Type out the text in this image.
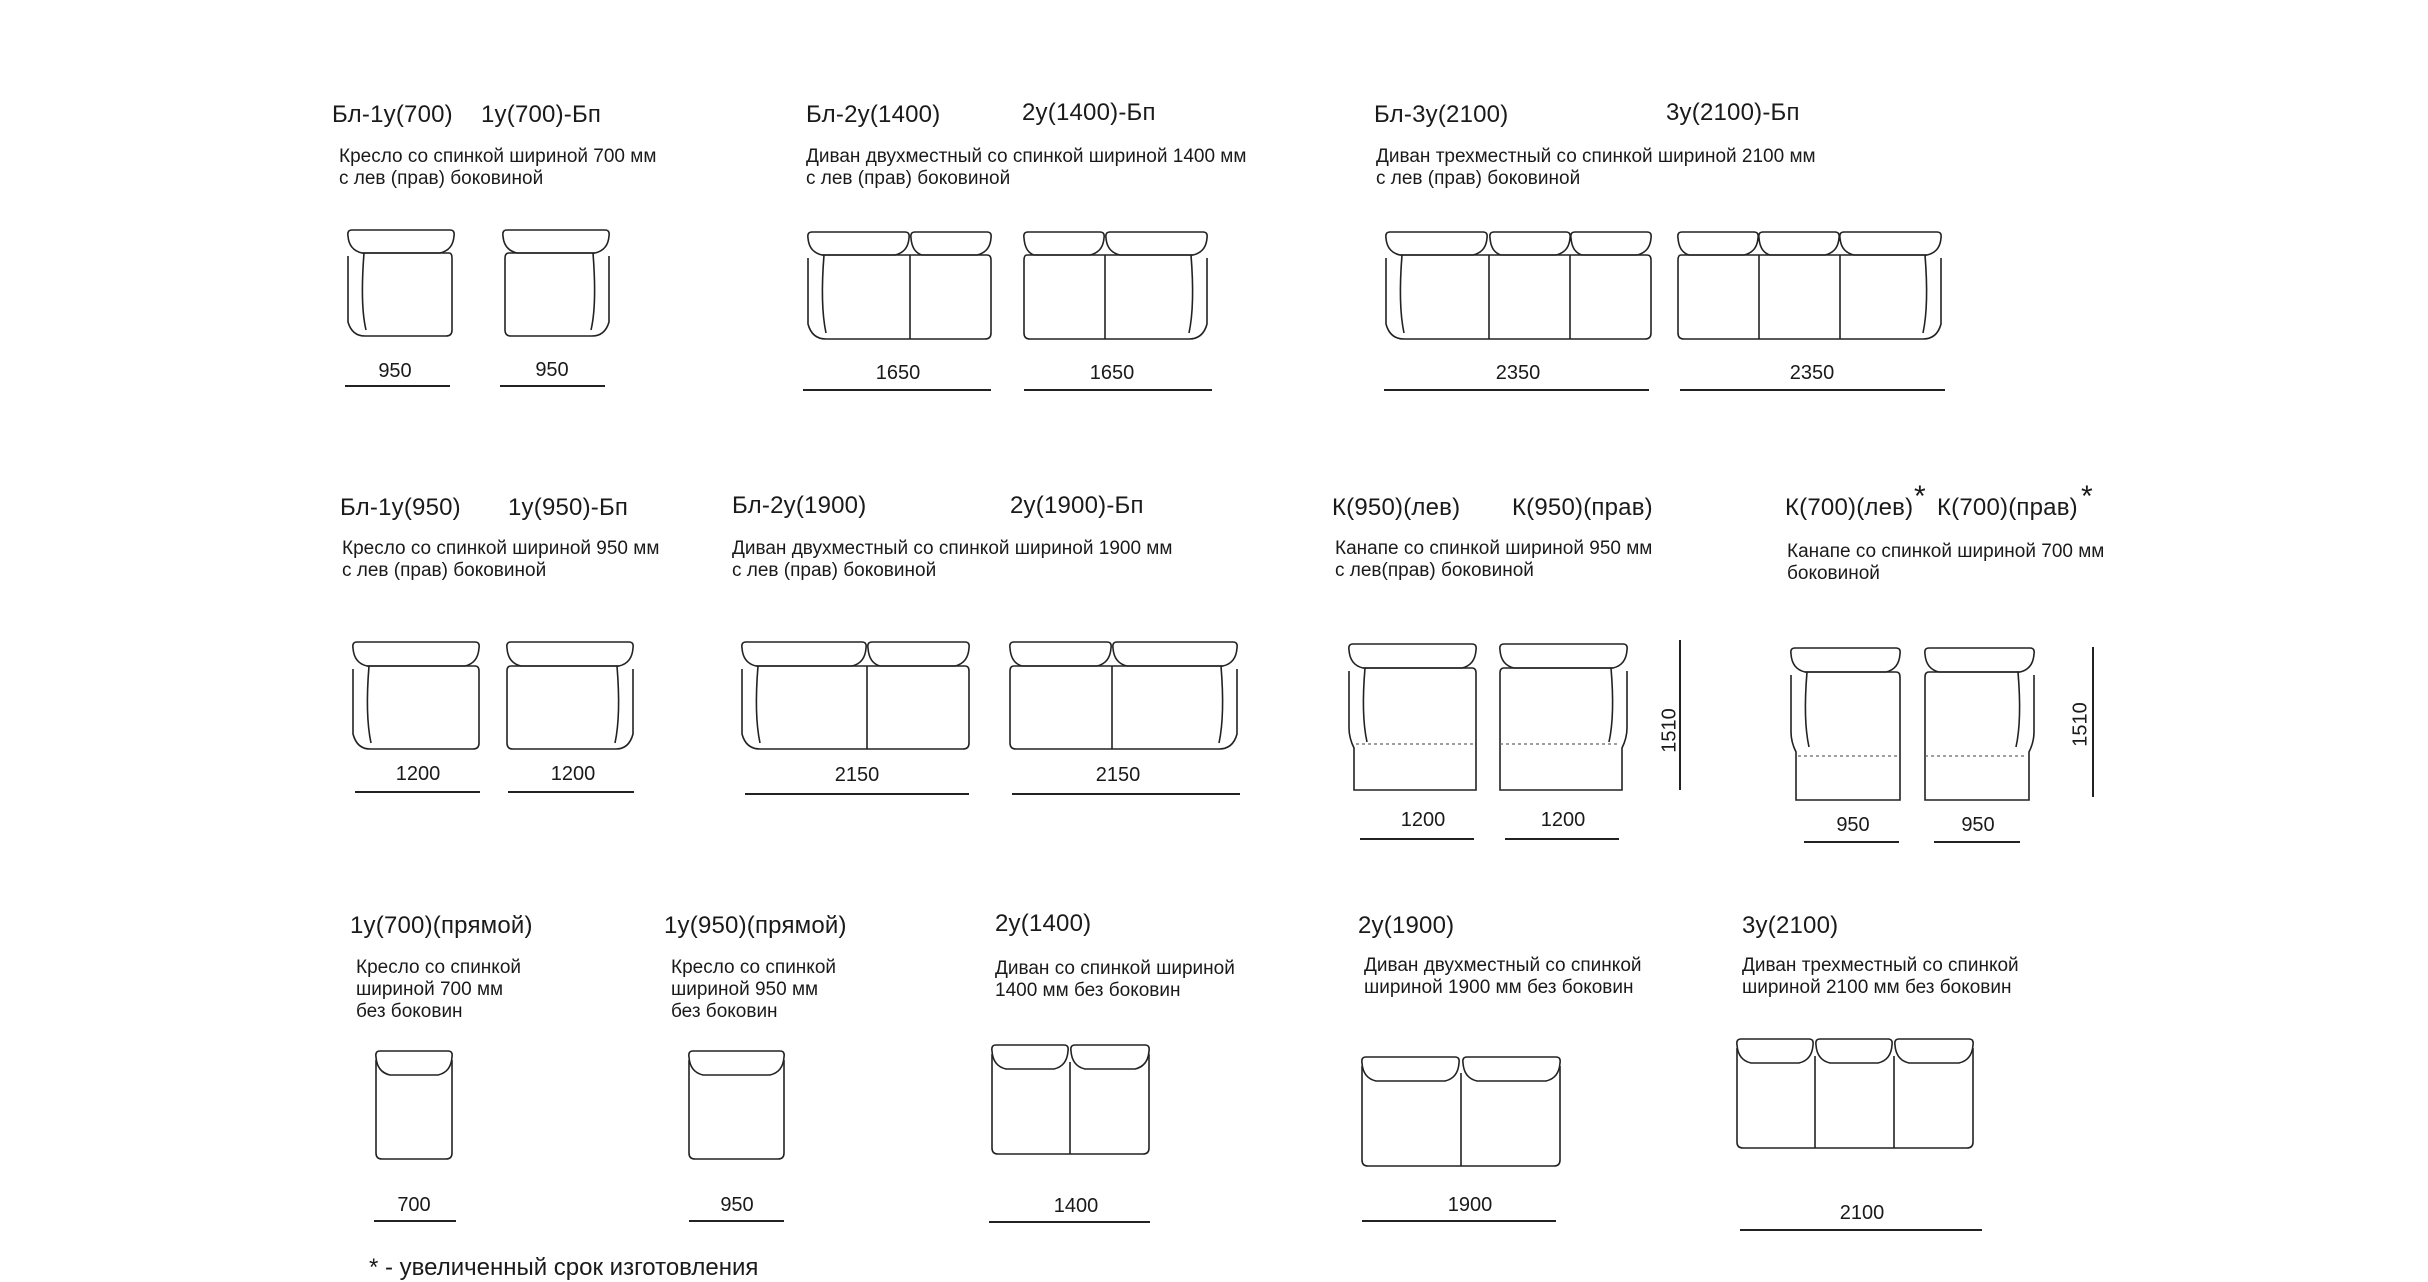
Бл-1у(700) 1у(700)-Бп
Кресло со спинкой шириной 700 мм
с лев (прав) боковиной
950	950
Бл-2у(1400)	2у(1400)-Бп
Диван двухместный со спинкой шириной 1400 мм
с лев (прав) боковиной
1650	1650
Бл-3у(2100)	3у(2100)-Бп
Диван трехместный со спинкой шириной 2100 мм
с лев (прав) боковиной
2350	2350
Бл-1у(950) 1у(950)-Бп
Кресло со спинкой шириной 950 мм
с лев (прав) боковиной
1200	1200
Бл-2у(1900)	2у(1900)-Бп
Диван двухместный со спинкой шириной 1900 мм
с лев (прав) боковиной
2150	2150
К(950)(лев) К(950)(прав)
Канапе со спинкой шириной 950 мм
с лев(прав) боковиной
1200	1200
1510
К(700)(лев) * К(700)(прав) *
Канапе со спинкой шириной 700 мм
боковиной
950	950
1510
1у(700)(прямой)
Кресло со спинкой
шириной 700 мм
без боковин
700
1у(950)(прямой)
Кресло со спинкой
шириной 950 мм
без боковин
950
2у(1400)
Диван со спинкой шириной
1400 мм без боковин
1400
2у(1900)
Диван двухместный со спинкой
шириной 1900 мм без боковин
1900
3у(2100)
Диван трехместный со спинкой
шириной 2100 мм без боковин
2100
* - увеличенный срок изготовления
